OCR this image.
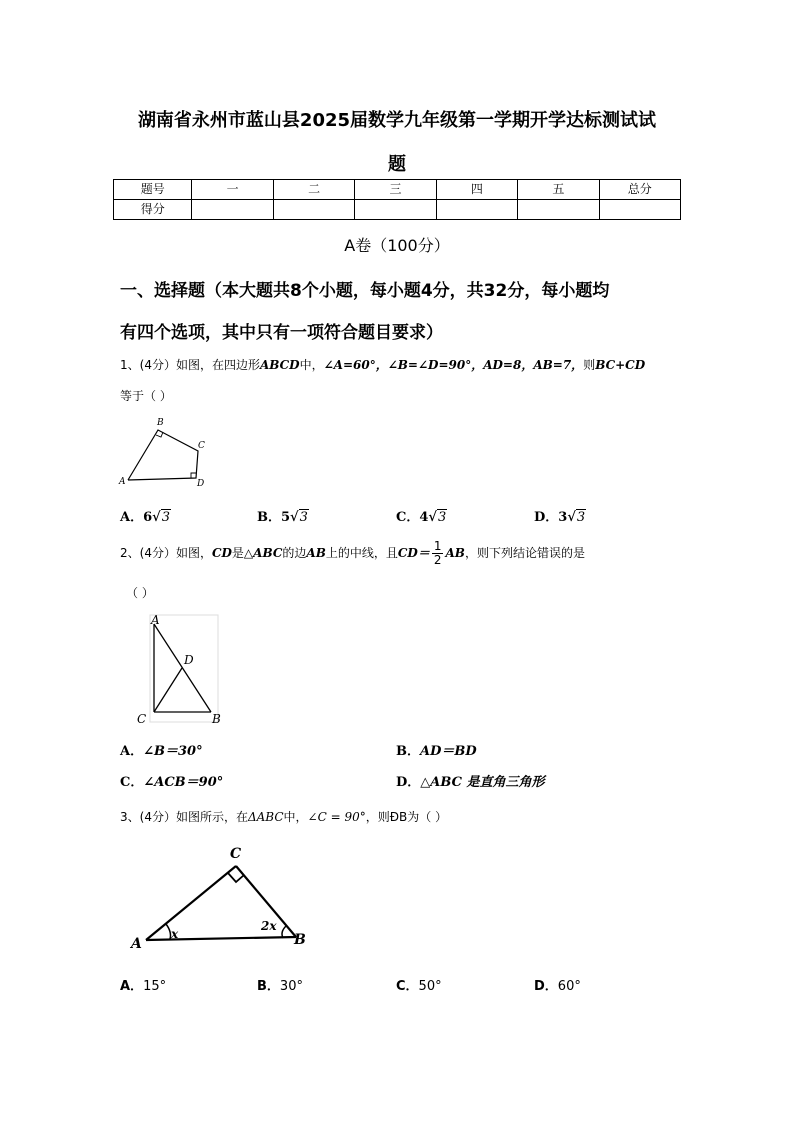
湖南省永州市蓝山县2025届数学九年级第一学期开学达标测试试
题
题号	一	二	三	四	五	总分
得分						
A卷（100分）
一、选择题（本大题共8个小题，每小题4分，共32分，每小题均
有四个选项，其中只有一项符合题目要求）
1、(4分）如图，在四边形ABCD中，∠A=60°，∠B=∠D=90°，AD=8，AB=7，则BC+CD
等于（ ）
A
B
C
D
A．6√3	B．5√3	C．4√3	D．3√3
2、(4分）如图，CD是△ABC的边AB上的中线，且$CD= \frac{1}{2}$ AB，则下列结论错误的是
（ ）
A
D
C	B
A．∠B＝30°	B．AD＝BD
C．∠ACB＝90°	D．△ABC 是直角三角形
3、(4分）如图所示，在ΔABC中，∠C = 90°，则ÐB为（ ）
C
A	B
x
2x
A．15°	B．30°	C．50°	D．60°
